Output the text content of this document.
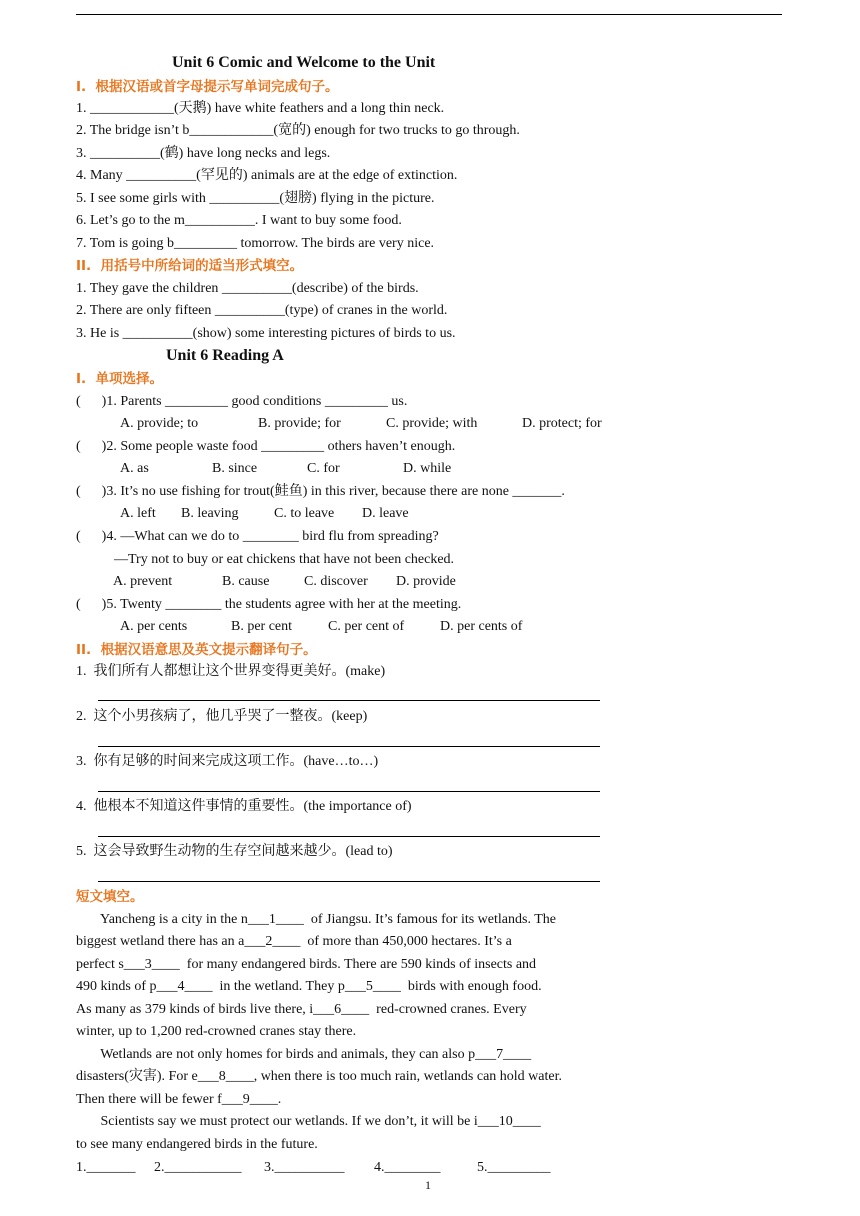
Unit 6 Comic and Welcome to the Unit
I.  根据汉语或首字母提示写单词完成句子。
1. ____________(天鹅) have white feathers and a long thin neck.
2. The bridge isn’t b____________(宽的) enough for two trucks to go through.
3. __________(鹤) have long necks and legs.
4. Many __________(罕见的) animals are at the edge of extinction.
5. I see some girls with __________(翅膀) flying in the picture.
6. Let’s go to the m__________. I want to buy some food.
7. Tom is going b_________ tomorrow. The birds are very nice.
II.  用括号中所给词的适当形式填空。
1. They gave the children __________(describe) of the birds.
2. There are only fifteen __________(type) of cranes in the world.
3. He is __________(show) some interesting pictures of birds to us.
Unit 6 Reading A
I.  单项选择。
(      )1. Parents _________ good conditions _________ us.
A. provide; to	B. provide; for	C. provide; with	D. protect; for
(      )2. Some people waste food _________ others haven’t enough.
A. as	B. since	C. for	D. while
(      )3. It’s no use fishing for trout(鲑鱼) in this river, because there are none _______.
A. left B. leaving	C. to leave D. leave
(      )4. —What can we do to ________ bird flu from spreading?
—Try not to buy or eat chickens that have not been checked.
A. prevent	B. cause C. discover D. provide
(      )5. Twenty ________ the students agree with her at the meeting.
A. per cents	B. per cent	C. per cent of	D. per cents of
II.  根据汉语意思及英文提示翻译句子。
1.  我们所有人都想让这个世界变得更美好。(make)
2.  这个小男孩病了，他几乎哭了一整夜。(keep)
3.  你有足够的时间来完成这项工作。(have…to…)
4.  他根本不知道这件事情的重要性。(the importance of)
5.  这会导致野生动物的生存空间越来越少。(lead to)
短文填空。
Yancheng is a city in the n___1____  of Jiangsu. It’s famous for its wetlands. The
biggest wetland there has an a___2____  of more than 450,000 hectares. It’s a
perfect s___3____  for many endangered birds. There are 590 kinds of insects and
490 kinds of p___4____  in the wetland. They p___5____  birds with enough food.
As many as 379 kinds of birds live there, i___6____  red-crowned cranes. Every
winter, up to 1,200 red-crowned cranes stay there.
Wetlands are not only homes for birds and animals, they can also p___7____
disasters(灾害). For e___8____, when there is too much rain, wetlands can hold water.
Then there will be fewer f___9____.
Scientists say we must protect our wetlands. If we don’t, it will be i___10____
to see many endangered birds in the future.
1._______ 2.___________ 3.__________ 4.________	5._________
1
